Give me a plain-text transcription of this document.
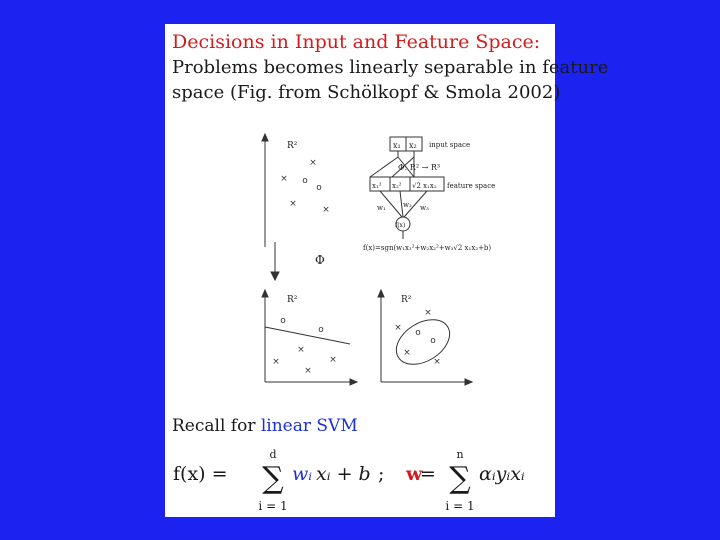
Decisions in Input and Feature Space:
Problems becomes linearly separable in feature
space (Fig. from Schölkopf & Smola 2002)
R²
R²	R²
Φ
x₁ x₂ input space
Φ: R² → R³
x₁² x₂² √2 x₁x₂ feature space
w₁ w₂ w₃
f(x)
f(x)=sgn(w₁x₁²+w₂x₂²+w₃√2 x₁x₂+b)
×
× o
o
×
×
o
o
×
×
×
×
×
× o
o
×
×
Recall for linear SVM
f(x) =
d
∑
i = 1
wᵢ xᵢ + b ; w
=
n
∑
i = 1
αᵢyᵢxᵢ
